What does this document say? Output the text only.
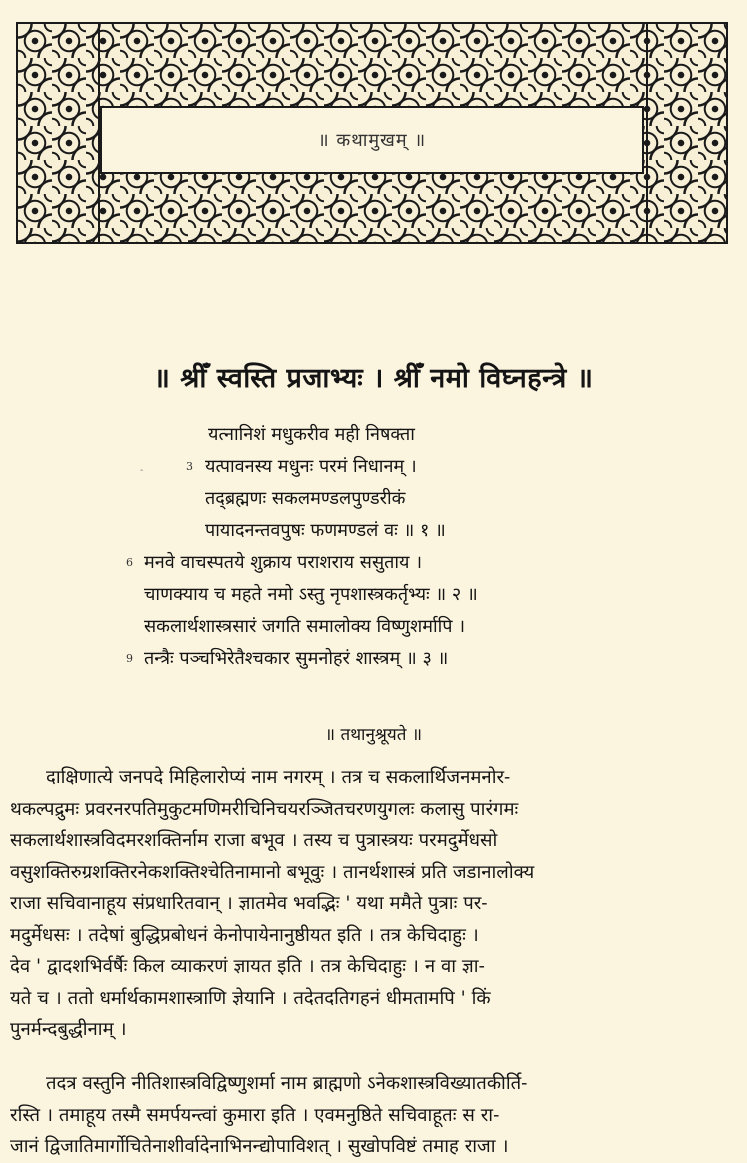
॥ कथामुखम् ॥
॥ श्रीँ स्वस्ति प्रजाभ्यः । श्रीँ नमो विघ्नहन्त्रे ॥
-
यत्नानिशं मधुकरीव मही निषक्ता
3 यत्पावनस्य मधुनः परमं निधानम् ।
तद्ब्रह्मणः सकलमण्डलपुण्डरीकं
पायादनन्तवपुषः फणमण्डलं वः ॥ १ ॥
6 मनवे वाचस्पतये शुक्राय पराशराय ससुताय ।
चाणक्याय च महते नमो ऽस्तु नृपशास्त्रकर्तृभ्यः ॥ २ ॥
सकलार्थशास्त्रसारं जगति समालोक्य विष्णुशर्मापि ।
9 तन्त्रैः पञ्चभिरेतैश्चकार सुमनोहरं शास्त्रम् ॥ ३ ॥
॥ तथानुश्रूयते ॥
दाक्षिणात्ये जनपदे मिहिलारोप्यं नाम नगरम् । तत्र च सकलार्थिजनमनोर-
थकल्पद्रुमः प्रवरनरपतिमुकुटमणिमरीचिनिचयरञ्जितचरणयुगलः कलासु पारंगमः
सकलार्थशास्त्रविदमरशक्तिर्नाम राजा बभूव । तस्य च पुत्रास्त्रयः परमदुर्मेधसो
वसुशक्तिरुग्रशक्तिरनेकशक्तिश्चेतिनामानो बभूवुः । तानर्थशास्त्रं प्रति जडानालोक्य
राजा सचिवानाहूय संप्रधारितवान् । ज्ञातमेव भवद्भिः ' यथा ममैते पुत्राः पर-
मदुर्मेधसः । तदेषां बुद्धिप्रबोधनं केनोपायेनानुष्ठीयत इति । तत्र केचिदाहुः ।
देव ' द्वादशभिर्वर्षैः किल व्याकरणं ज्ञायत इति । तत्र केचिदाहुः । न वा ज्ञा-
यते च । ततो धर्मार्थकामशास्त्राणि ज्ञेयानि । तदेतदतिगहनं धीमतामपि ' किं
पुनर्मन्दबुद्धीनाम् ।
तदत्र वस्तुनि नीतिशास्त्रविद्विष्णुशर्मा नाम ब्राह्मणो ऽनेकशास्त्रविख्यातकीर्ति-
रस्ति । तमाहूय तस्मै समर्पयन्त्वां कुमारा इति । एवमनुष्ठिते सचिवाहूतः स रा-
जानं द्विजातिमार्गोचितेनाशीर्वादेनाभिनन्द्योपाविशत् । सुखोपविष्टं तमाह राजा ।
